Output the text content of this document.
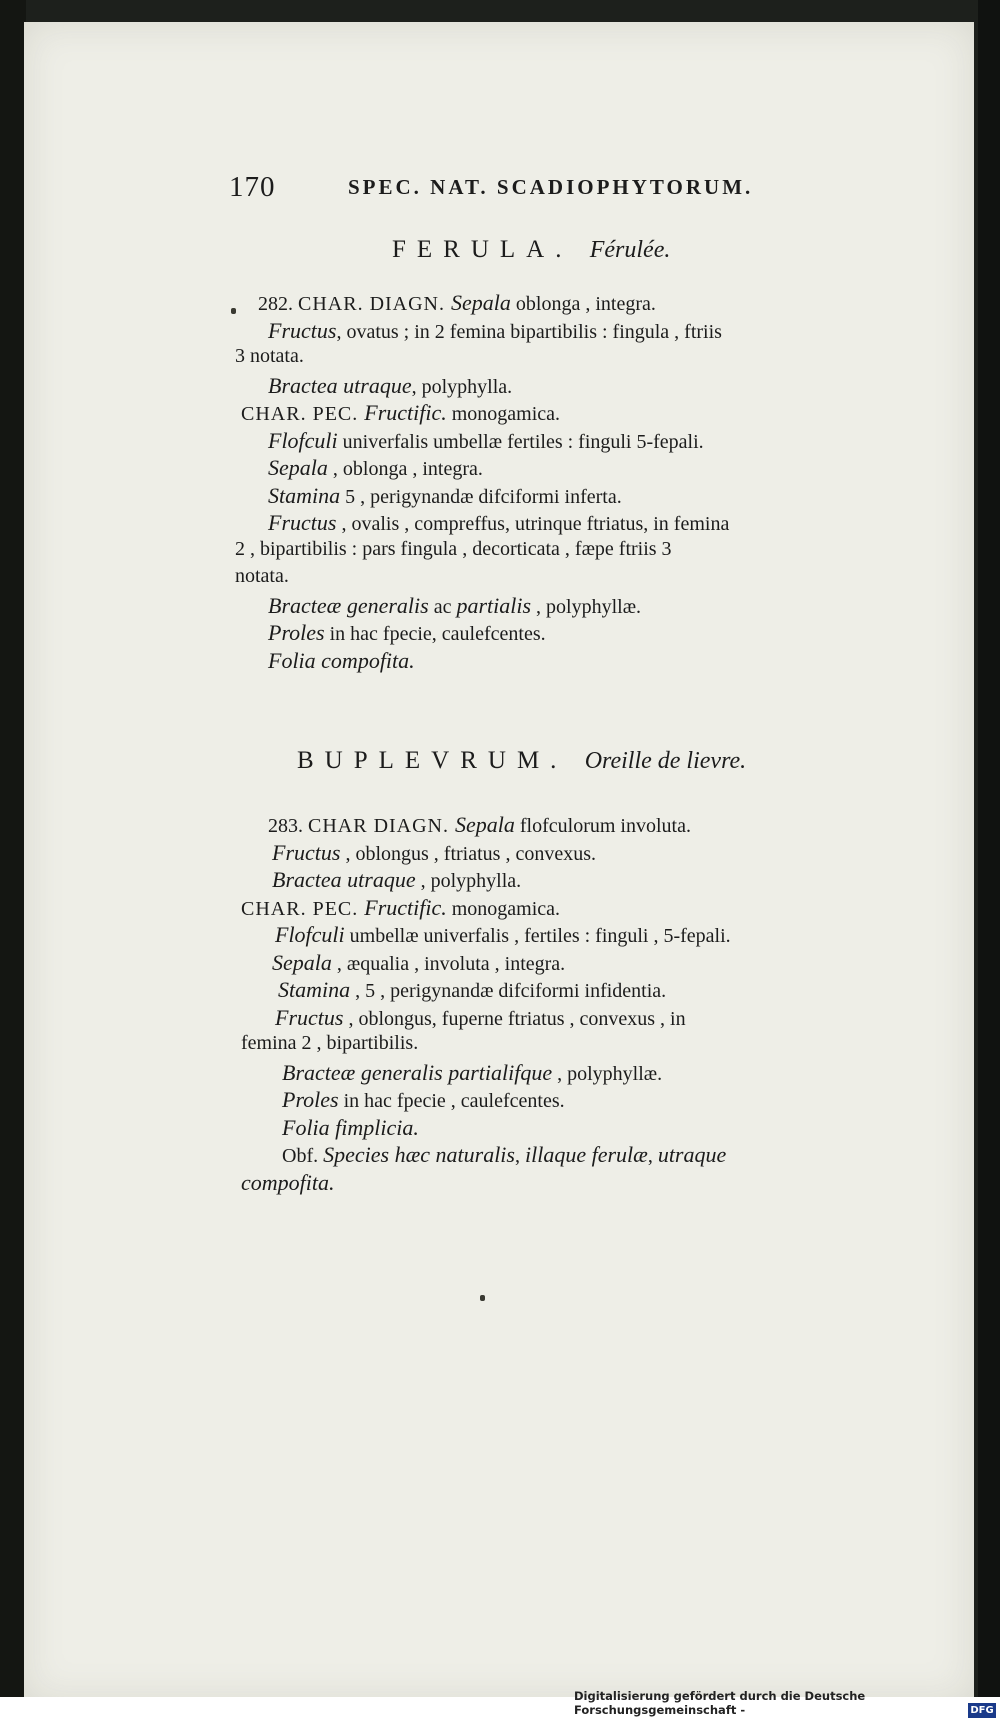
170	SPEC. NAT. SCADIOPHYTORUM.
FERULA. Férulée.
282. CHAR. DIAGN. Sepala oblonga , integra.
Fructus, ovatus ; in 2 femina bipartibilis : fingula , ftriis
3 notata.
Bractea utraque, polyphylla.
CHAR. PEC. Fructific. monogamica.
Flofculi univerfalis umbellæ fertiles : finguli 5-fepali.
Sepala , oblonga , integra.
Stamina 5 , perigynandæ difciformi inferta.
Fructus , ovalis , compreffus, utrinque ftriatus, in femina
2 , bipartibilis : pars fingula , decorticata , fæpe ftriis 3
notata.
Bracteæ generalis ac partialis , polyphyllæ.
Proles in hac fpecie, caulefcentes.
Folia compofita.
BUPLEVRUM. Oreille de lievre.
283. CHAR DIAGN. Sepala flofculorum involuta.
Fructus , oblongus , ftriatus , convexus.
Bractea utraque , polyphylla.
CHAR. PEC. Fructific. monogamica.
Flofculi umbellæ univerfalis , fertiles : finguli , 5-fepali.
Sepala , æqualia , involuta , integra.
Stamina , 5 , perigynandæ difciformi infidentia.
Fructus , oblongus, fuperne ftriatus , convexus , in
femina 2 , bipartibilis.
Bracteæ generalis partialifque , polyphyllæ.
Proles in hac fpecie , caulefcentes.
Folia fimplicia.
Obf. Species hæc naturalis, illaque ferulæ, utraque
compofita.
Digitalisierung gefördert durch die Deutsche Forschungsgemeinschaft -	DFG
